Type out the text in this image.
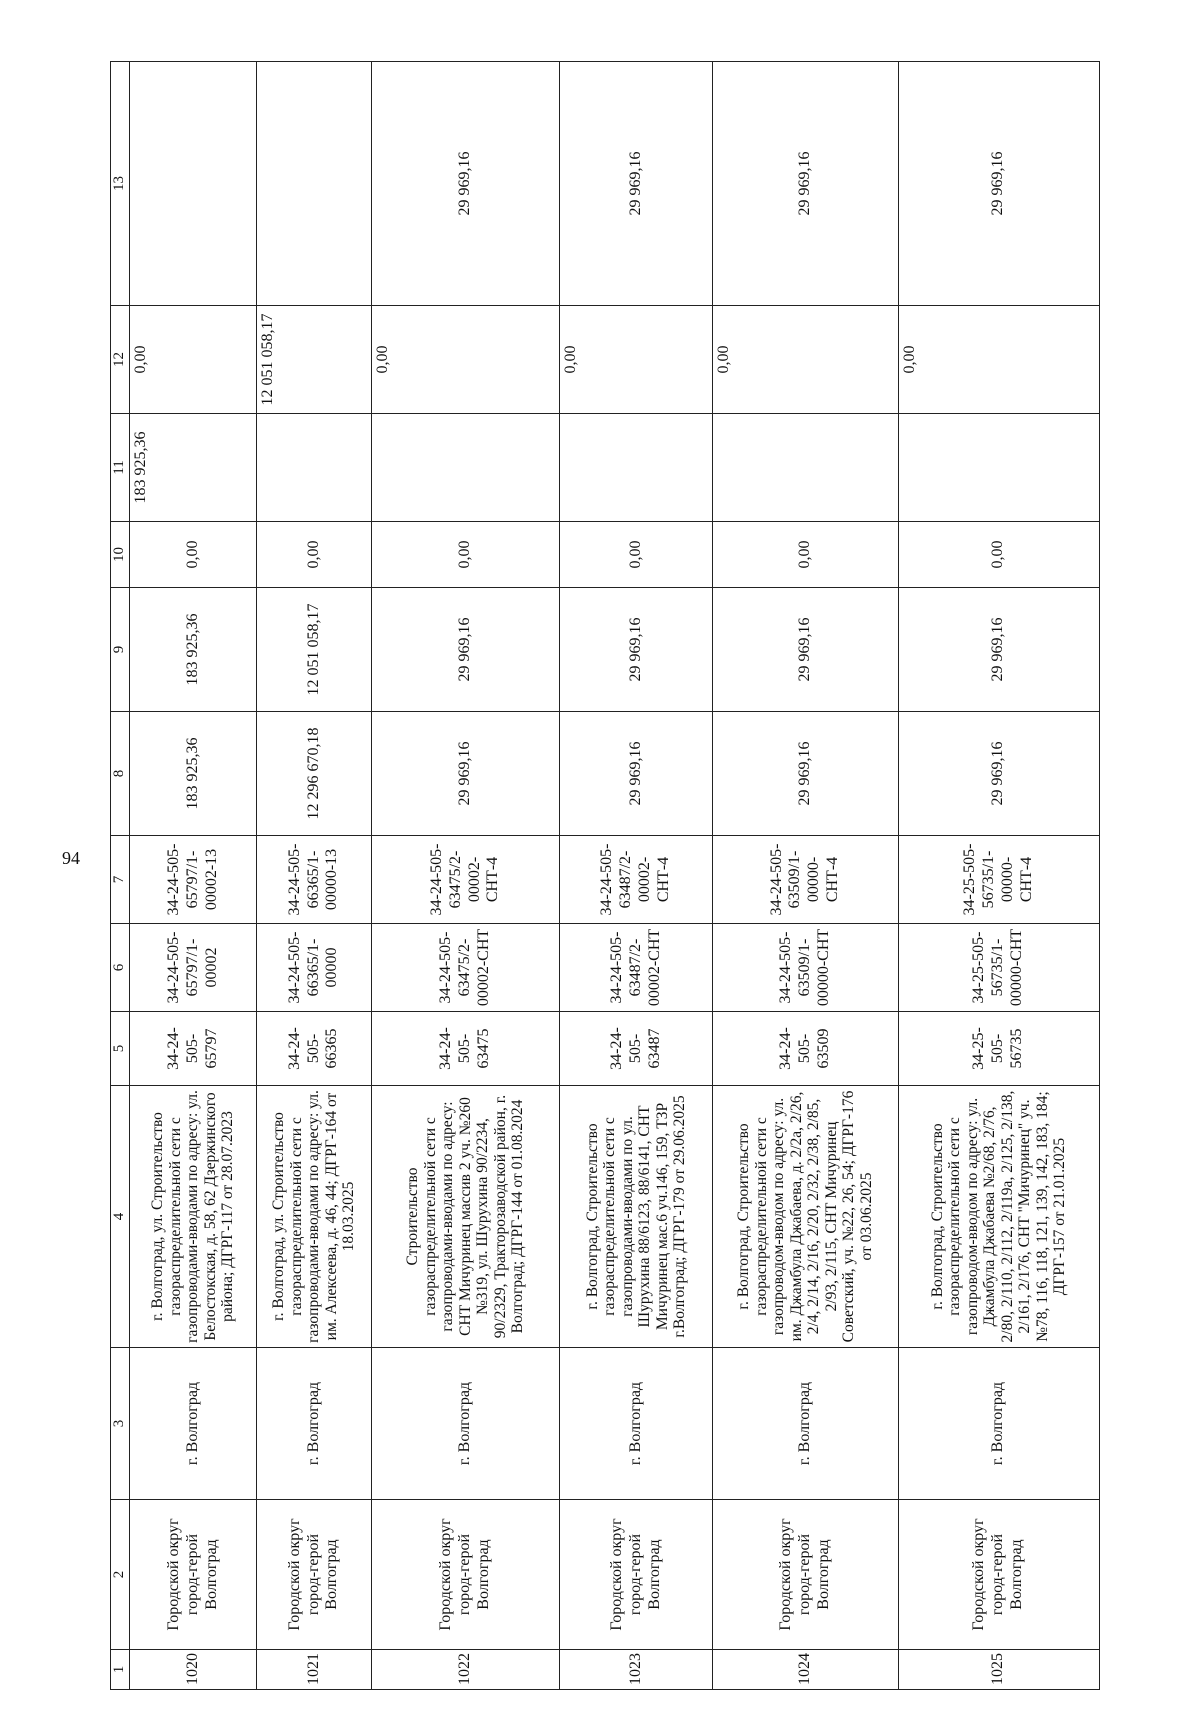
94
1	2	3	4	5	6	7	8	9	10	11	12	13
1020	Городской округ город-герой Волгоград	г. Волгоград	г. Волгоград, ул. Строительство газораспределительной сети с газопроводами-вводами по адресу: ул. Белостокская, д. 58, 62 Дзержинского района; ДГРГ-117 от 28.07.2023	34-24-505-65797	34-24-505-65797/1-00002	34-24-505-65797/1-00002-13	183 925,36	183 925,36	0,00	183 925,36	0,00	
1021	Городской округ город-герой Волгоград	г. Волгоград	г. Волгоград, ул. Строительство газораспределительной сети с газопроводами-вводами по адресу: ул. им. Алексеева, д. 46, 44; ДГРГ-164 от 18.03.2025	34-24-505-66365	34-24-505-66365/1-00000	34-24-505-66365/1-00000-13	12 296 670,18	12 051 058,17	0,00		12 051 058,17	
1022	Городской округ город-герой Волгоград	г. Волгоград	Строительство газораспределительной сети с газопроводами-вводами по адресу: СНТ Мичуринец массив 2 уч. №260 №319, ул. Шурухина 90/2234, 90/2329, Тракторозаводской район, г. Волгоград; ДГРГ-144 от 01.08.2024	34-24-505-63475	34-24-505-63475/2-00002-СНТ	34-24-505-63475/2-00002-СНТ-4	29 969,16	29 969,16	0,00		0,00	29 969,16
1023	Городской округ город-герой Волгоград	г. Волгоград	г. Волгоград, Строительство газораспределительной сети с газопроводами-вводами по ул. Шурухина 88/6123, 88/6141, СНТ Мичуринец мас.6 уч.146, 159, ТЗР г.Волгоград; ДГРГ-179 от 29.06.2025	34-24-505-63487	34-24-505-63487/2-00002-СНТ	34-24-505-63487/2-00002-СНТ-4	29 969,16	29 969,16	0,00		0,00	29 969,16
1024	Городской округ город-герой Волгоград	г. Волгоград	г. Волгоград, Строительство газораспределительной сети с газопроводом-вводом по адресу: ул. им. Джамбула Джабаева, д. 2/2а, 2/26, 2/4, 2/14, 2/16, 2/20, 2/32, 2/38, 2/85, 2/93, 2/115, СНТ Мичуринец Советский, уч. №22, 26, 54; ДГРГ-176 от 03.06.2025	34-24-505-63509	34-24-505-63509/1-00000-СНТ	34-24-505-63509/1-00000-СНТ-4	29 969,16	29 969,16	0,00		0,00	29 969,16
1025	Городской округ город-герой Волгоград	г. Волгоград	г. Волгоград, Строительство газораспределительной сети с газопроводом-вводом по адресу: ул. Джамбула Джабаева №2/68, 2/76, 2/80, 2/110, 2/112, 2/119а, 2/125, 2/138, 2/161, 2/176, СНТ "Мичуринец" уч. №78, 116, 118, 121, 139, 142, 183, 184; ДГРГ-157 от 21.01.2025	34-25-505-56735	34-25-505-56735/1-00000-СНТ	34-25-505-56735/1-00000-СНТ-4	29 969,16	29 969,16	0,00		0,00	29 969,16
